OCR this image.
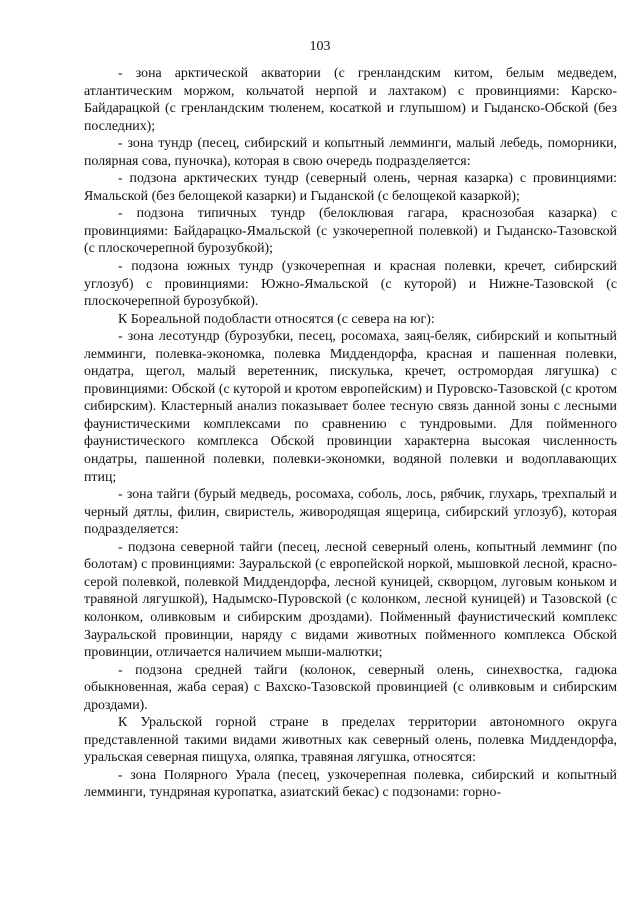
103

- зона арктической акватории (с гренландским китом, белым медведем, атлантическим моржом, кольчатой нерпой и лахтаком) с провинциями: Карско-Байдарацкой (с гренландским тюленем, косаткой и глупышом) и Гыданско-Обской (без последних);

- зона тундр (песец, сибирский и копытный лемминги, малый лебедь, поморники, полярная сова, пуночка), которая в свою очередь подразделяется:

- подзона арктических тундр (северный олень, черная казарка) с провинциями: Ямальской (без белощекой казарки) и Гыданской (с белощекой казаркой);

- подзона типичных тундр (белоклювая гагара, краснозобая казарка) с провинциями: Байдарацко-Ямальской (с узкочерепной полевкой) и Гыданско-Тазовской (с плоскочерепной бурозубкой);

- подзона южных тундр (узкочерепная и красная полевки, кречет, сибирский углозуб) с провинциями: Южно-Ямальской (с куторой) и Нижне-Тазовской (с плоскочерепной бурозубкой).

К Бореальной подобласти относятся (с севера на юг):

- зона лесотундр (бурозубки, песец, росомаха, заяц-беляк, сибирский и копытный лемминги, полевка-экономка, полевка Миддендорфа, красная и пашенная полевки, ондатра, щегол, малый веретенник, пискулька, кречет, остромордая лягушка) с провинциями: Обской (с куторой и кротом европейским) и Пуровско-Тазовской (с кротом сибирским). Кластерный анализ показывает более тесную связь данной зоны с лесными фаунистическими комплексами по сравнению с тундровыми. Для пойменного фаунистического комплекса Обской провинции характерна высокая численность ондатры, пашенной полевки, полевки-экономки, водяной полевки и водоплавающих птиц;

- зона тайги (бурый медведь, росомаха, соболь, лось, рябчик, глухарь, трехпалый и черный дятлы, филин, свиристель, живородящая ящерица, сибирский углозуб), которая подразделяется:

- подзона северной тайги (песец, лесной северный олень, копытный лемминг (по болотам) с провинциями: Зауральской (с европейской норкой, мышовкой лесной, красно-серой полевкой, полевкой Миддендорфа, лесной куницей, скворцом, луговым коньком и травяной лягушкой), Надымско-Пуровской (с колонком, лесной куницей) и Тазовской (с колонком, оливковым и сибирским дроздами). Пойменный фаунистический комплекс Зауральской провинции, наряду с видами животных пойменного комплекса Обской провинции, отличается наличием мыши-малютки;

- подзона средней тайги (колонок, северный олень, синехвостка, гадюка обыкновенная, жаба серая) с Вахско-Тазовской провинцией (с оливковым и сибирским дроздами).

К Уральской горной стране в пределах территории автономного округа представленной такими видами животных как северный олень, полевка Миддендорфа, уральская северная пищуха, оляпка, травяная лягушка, относятся:

- зона Полярного Урала (песец, узкочерепная полевка, сибирский и копытный лемминги, тундряная куропатка, азиатский бекас) с подзонами: горно-
